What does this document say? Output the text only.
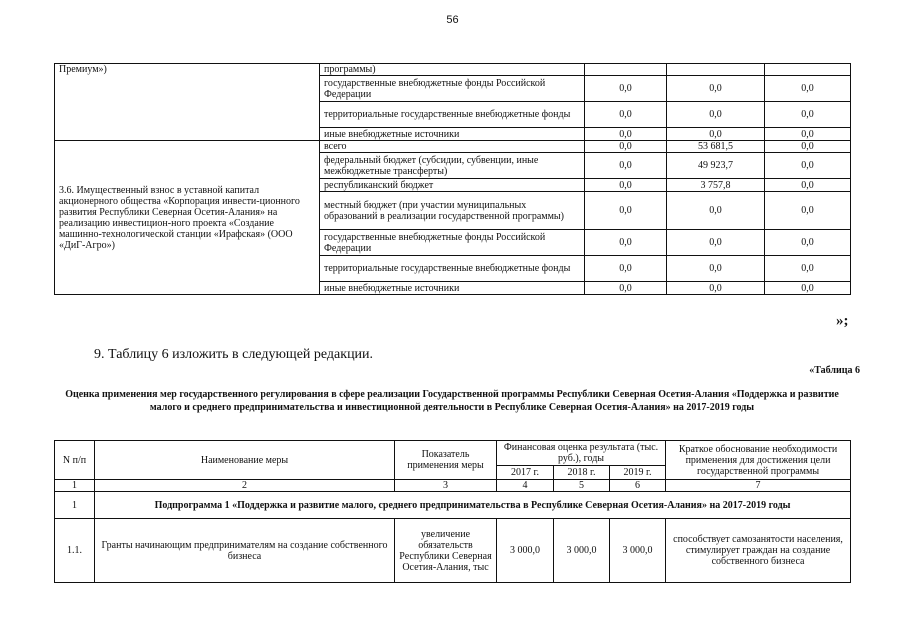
56
Премиум»)	программы)			
	государственные внебюджетные фонды Российской Федерации	0,0	0,0	0,0
	территориальные государственные внебюджетные фонды	0,0	0,0	0,0
	иные внебюджетные источники	0,0	0,0	0,0
3.6. Имущественный взнос в уставной капитал акционерного общества «Корпорация инвести-ционного развития Республики Северная Осетия-Алания» на реализацию инвестицион-ного проекта «Создание машинно-технологической станции «Ирафская» (ООО «ДиГ-Агро»)	всего	0,0	53 681,5	0,0
	федеральный бюджет (субсидии, субвенции, иные межбюджетные трансферты)	0,0	49 923,7	0,0
	республиканский бюджет	0,0	3 757,8	0,0
	местный бюджет (при участии муниципальных образований в реализации государственной программы)	0,0	0,0	0,0
	государственные внебюджетные фонды Российской Федерации	0,0	0,0	0,0
	территориальные государственные внебюджетные фонды	0,0	0,0	0,0
	иные внебюджетные источники	0,0	0,0	0,0
»;
9. Таблицу 6 изложить в следующей редакции.
«Таблица 6
Оценка применения мер государственного регулирования в сфере реализации Государственной программы Республики Северная Осетия-Алания «Поддержка и развитие малого и среднего предпринимательства и инвестиционной деятельности в Республике Северная Осетия-Алания» на 2017-2019 годы
N п/п	Наименование меры	Показатель применения меры	Финансовая оценка результата (тыс. руб.), годы			Краткое обоснование необходимости применения для достижения цели государственной программы
			2017 г.	2018 г.	2019 г.	
1	2	3	4	5	6	7
1	Подпрограмма 1 «Поддержка и развитие малого, среднего предпринимательства в Республике Северная Осетия-Алания» на 2017-2019 годы					
1.1.	Гранты начинающим предпринимателям на создание собственного бизнеса	увеличение обязательств Республики Северная Осетия-Алания, тыс	3 000,0	3 000,0	3 000,0	способствует самозанятости населения, стимулирует граждан на создание собственного бизнеса
